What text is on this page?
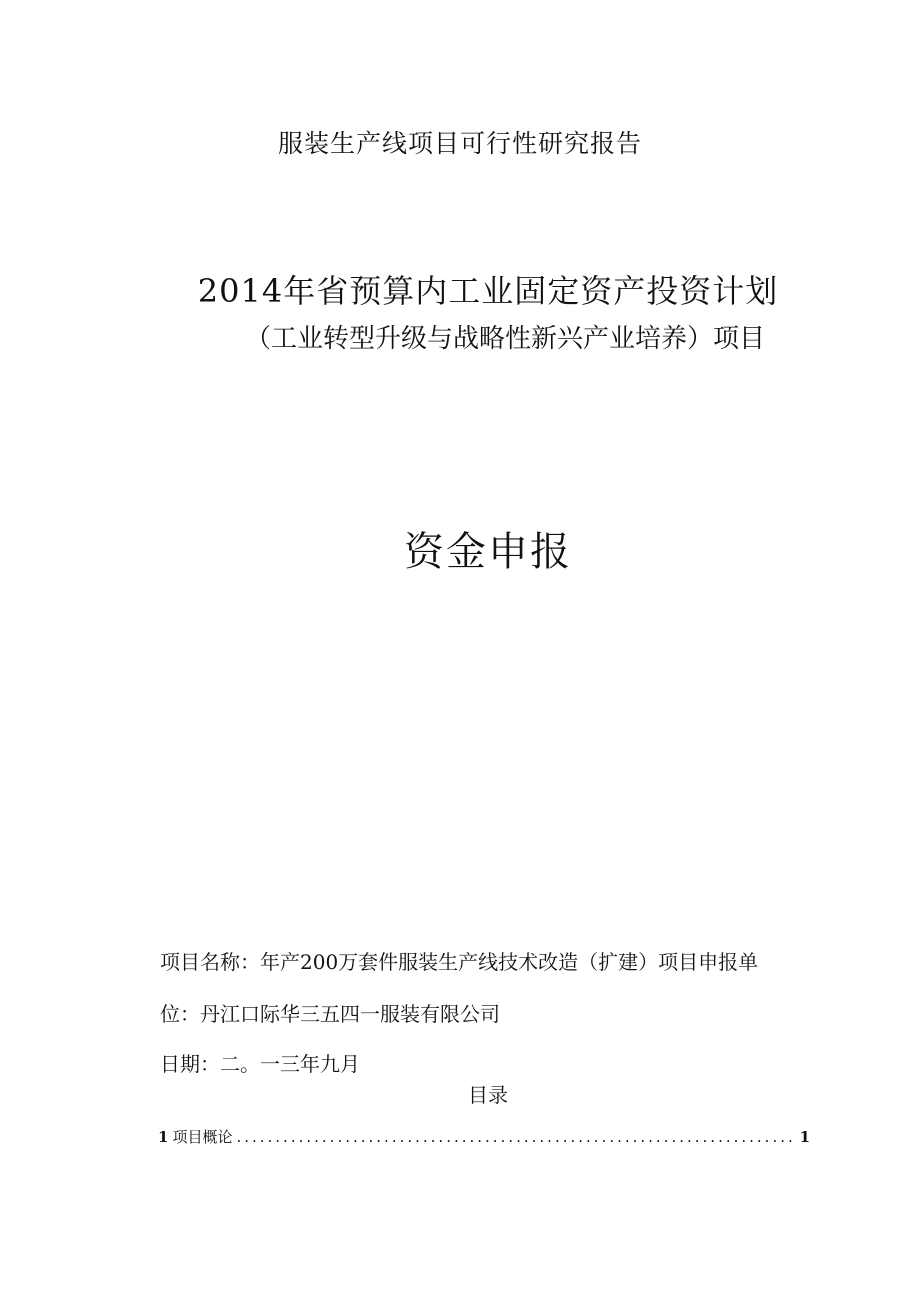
服装生产线项目可行性研究报告
2014年省预算内工业固定资产投资计划
（工业转型升级与战略性新兴产业培养）项目
资金申报
项目名称：年产200万套件服装生产线技术改造（扩建）项目申报单
位：丹江口际华三五四一服装有限公司
日期：二。一三年九月
目录
1 项目概论
.....	1
